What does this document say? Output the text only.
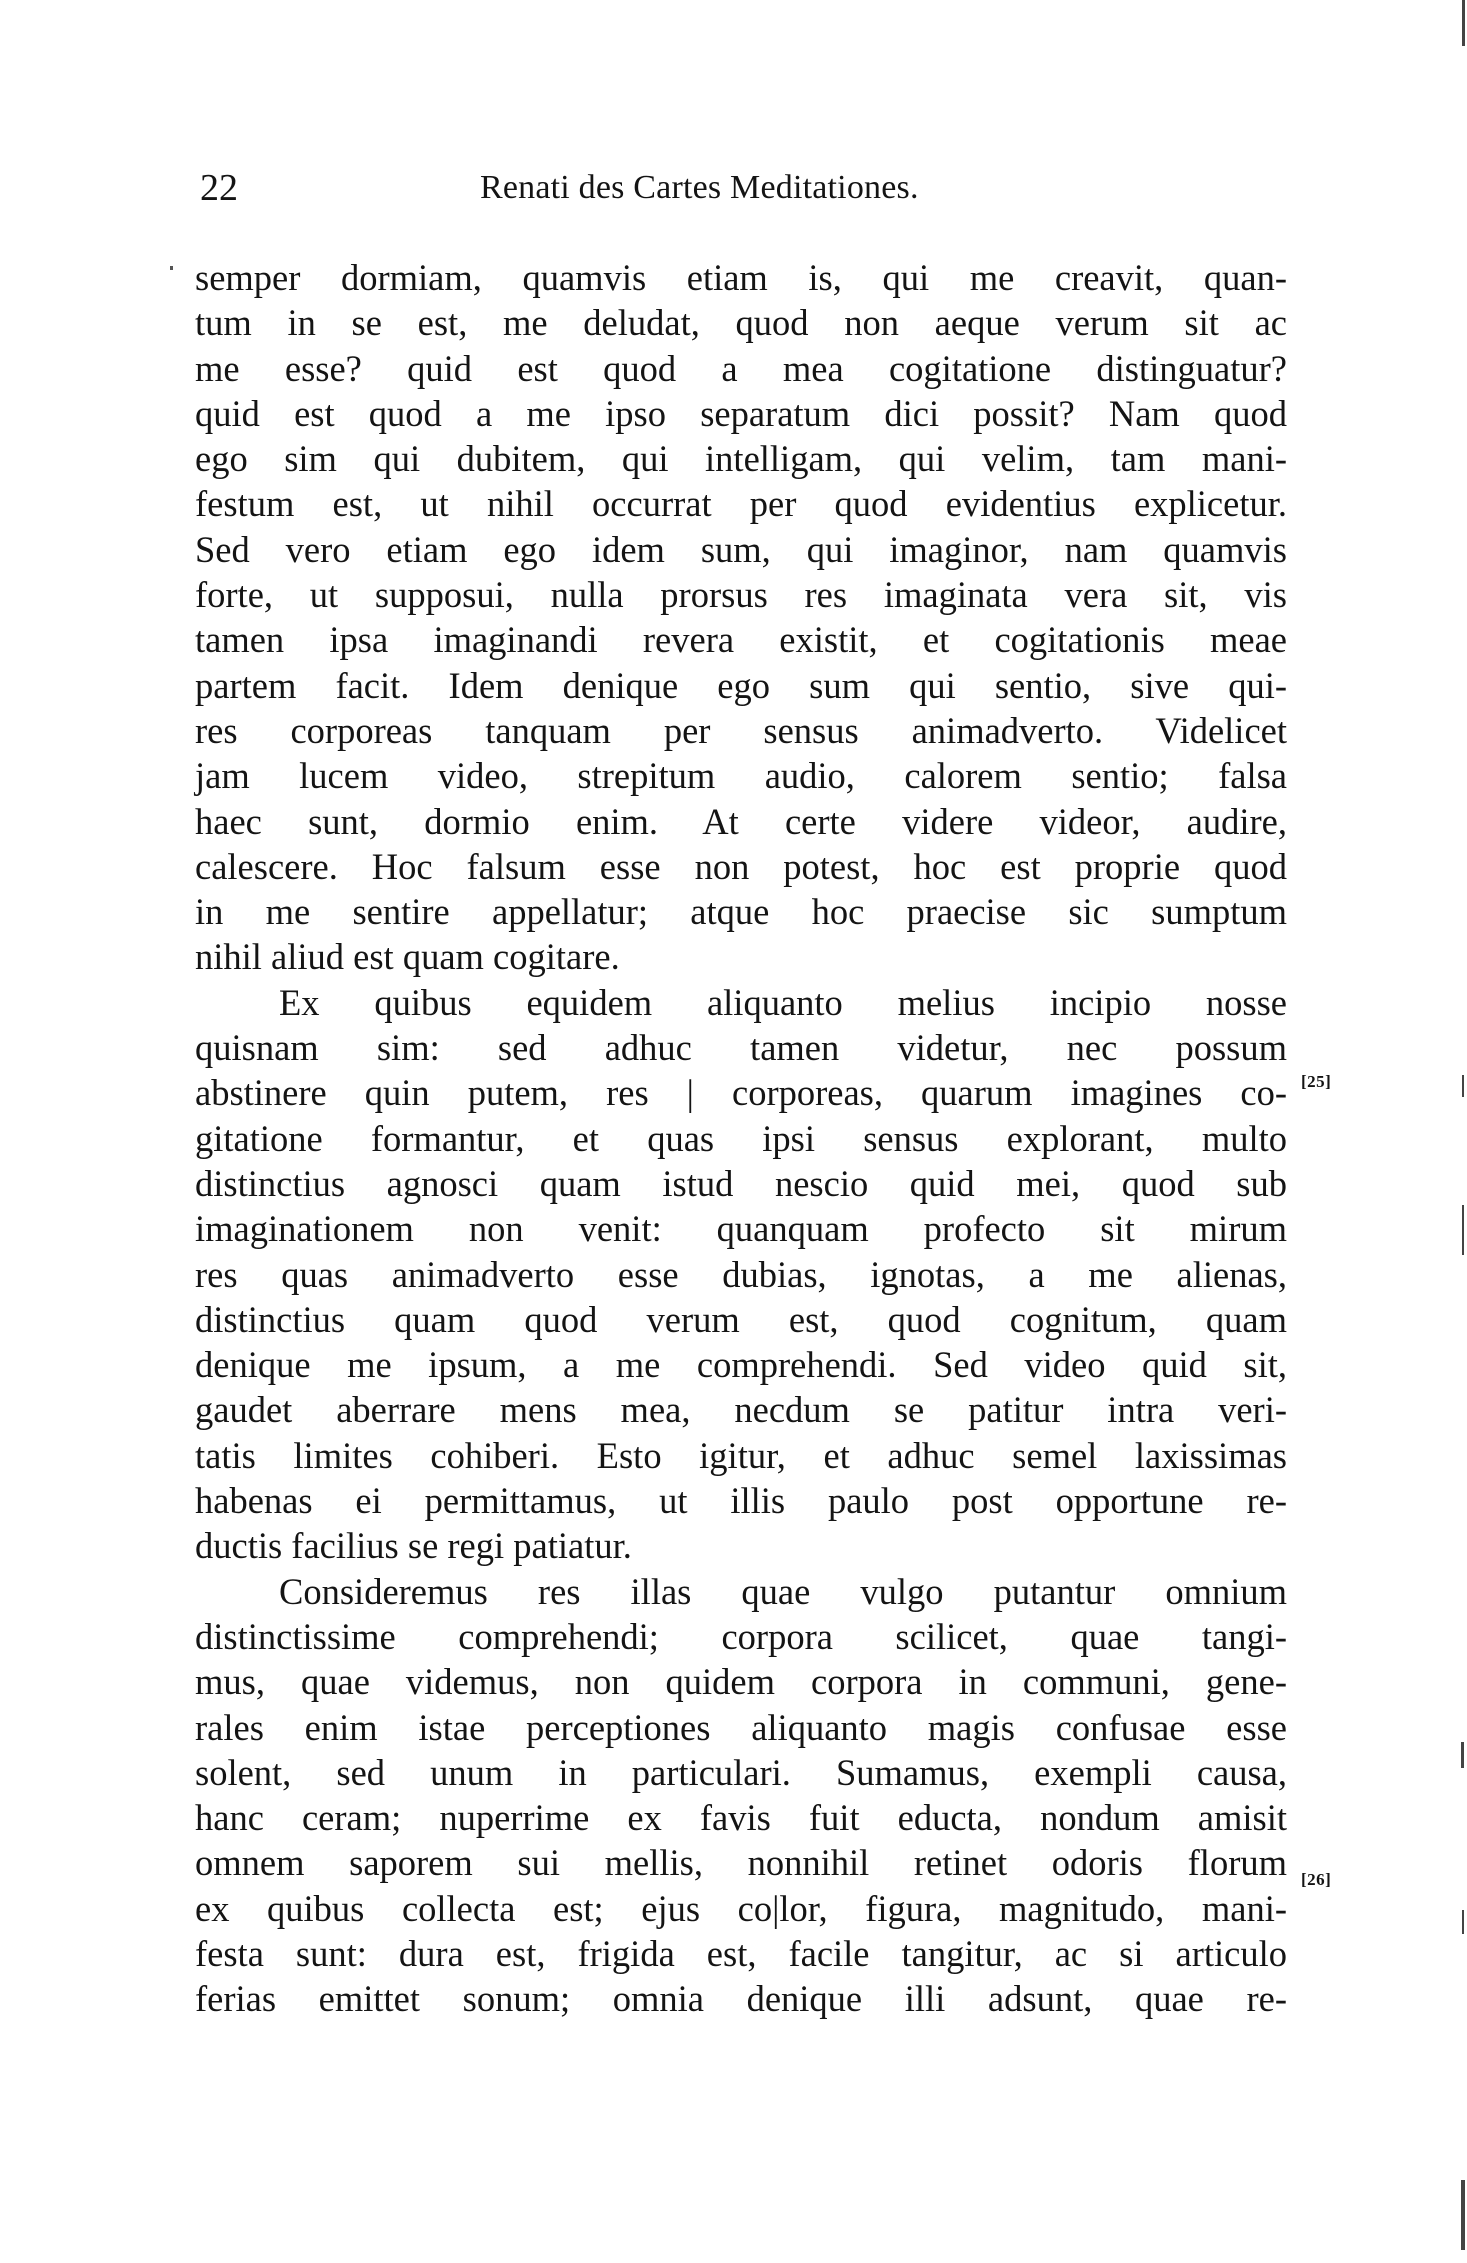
22	Renati des Cartes Meditationes.
semper dormiam, quamvis etiam is, qui me creavit, quan-
tum in se est, me deludat, quod non aeque verum sit ac
me esse? quid est quod a mea cogitatione distinguatur?
quid est quod a me ipso separatum dici possit? Nam quod
ego sim qui dubitem, qui intelligam, qui velim, tam mani-
festum est, ut nihil occurrat per quod evidentius explicetur.
Sed vero etiam ego idem sum, qui imaginor, nam quamvis
forte, ut supposui, nulla prorsus res imaginata vera sit, vis
tamen ipsa imaginandi revera existit, et cogitationis meae
partem facit. Idem denique ego sum qui sentio, sive qui-
res corporeas tanquam per sensus animadverto. Videlicet
jam lucem video, strepitum audio, calorem sentio; falsa
haec sunt, dormio enim. At certe videre videor, audire,
calescere. Hoc falsum esse non potest, hoc est proprie quod
in me sentire appellatur; atque hoc praecise sic sumptum
nihil aliud est quam cogitare.
Ex quibus equidem aliquanto melius incipio nosse
quisnam sim: sed adhuc tamen videtur, nec possum
abstinere quin putem, res | corporeas, quarum imagines co-
gitatione formantur, et quas ipsi sensus explorant, multo
distinctius agnosci quam istud nescio quid mei, quod sub
imaginationem non venit: quanquam profecto sit mirum
res quas animadverto esse dubias, ignotas, a me alienas,
distinctius quam quod verum est, quod cognitum, quam
denique me ipsum, a me comprehendi. Sed video quid sit,
gaudet aberrare mens mea, necdum se patitur intra veri-
tatis limites cohiberi. Esto igitur, et adhuc semel laxissimas
habenas ei permittamus, ut illis paulo post opportune re-
ductis facilius se regi patiatur.
Consideremus res illas quae vulgo putantur omnium
distinctissime comprehendi; corpora scilicet, quae tangi-
mus, quae videmus, non quidem corpora in communi, gene-
rales enim istae perceptiones aliquanto magis confusae esse
solent, sed unum in particulari. Sumamus, exempli causa,
hanc ceram; nuperrime ex favis fuit educta, nondum amisit
omnem saporem sui mellis, nonnihil retinet odoris florum
ex quibus collecta est; ejus co|lor, figura, magnitudo, mani-
festa sunt: dura est, frigida est, facile tangitur, ac si articulo
ferias emittet sonum; omnia denique illi adsunt, quae re-
[25]
[26]
